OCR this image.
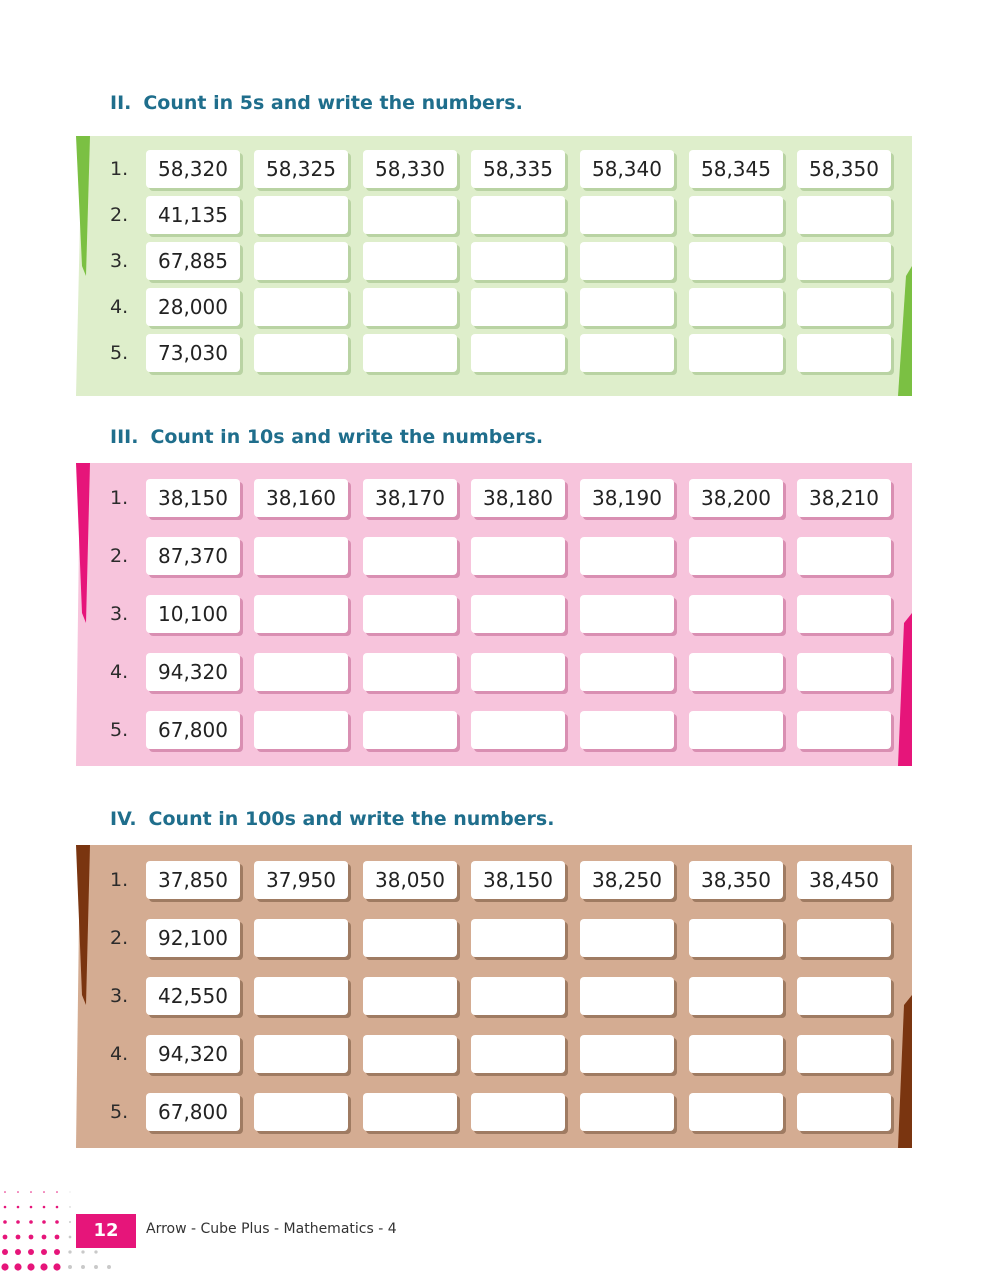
II. Count in 5s and write the numbers.
1.	58,320	58,325	58,330	58,335	58,340	58,345	58,350
2.	41,135
3.	67,885
4.	28,000
5.	73,030
III. Count in 10s and write the numbers.
1.	38,150	38,160	38,170	38,180	38,190	38,200	38,210
2.	87,370
3.	10,100
4.	94,320
5.	67,800
IV. Count in 100s and write the numbers.
1.	37,850	37,950	38,050	38,150	38,250	38,350	38,450
2.	92,100
3.	42,550
4.	94,320
5.	67,800
12	Arrow - Cube Plus - Mathematics - 4
